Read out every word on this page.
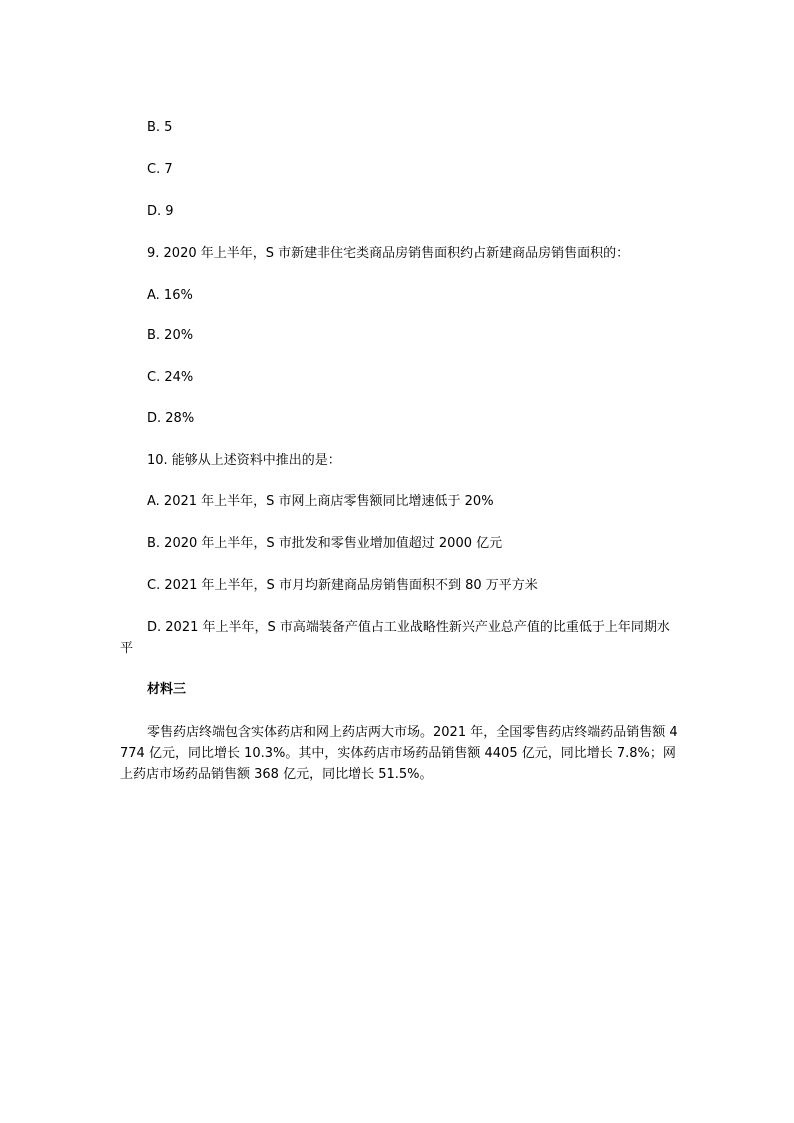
B. 5
C. 7
D. 9
9. 2020 年上半年，S 市新建非住宅类商品房销售面积约占新建商品房销售面积的：
A. 16%
B. 20%
C. 24%
D. 28%
10. 能够从上述资料中推出的是：
A. 2021 年上半年，S 市网上商店零售额同比增速低于 20%
B. 2020 年上半年，S 市批发和零售业增加值超过 2000 亿元
C. 2021 年上半年，S 市月均新建商品房销售面积不到 80 万平方米
D. 2021 年上半年，S 市高端装备产值占工业战略性新兴产业总产值的比重低于上年同期水平
材料三
零售药店终端包含实体药店和网上药店两大市场。2021 年，全国零售药店终端药品销售额 4774 亿元，同比增长 10.3%。其中，实体药店市场药品销售额 4405 亿元，同比增长 7.8%；网上药店市场药品销售额 368 亿元，同比增长 51.5%。
